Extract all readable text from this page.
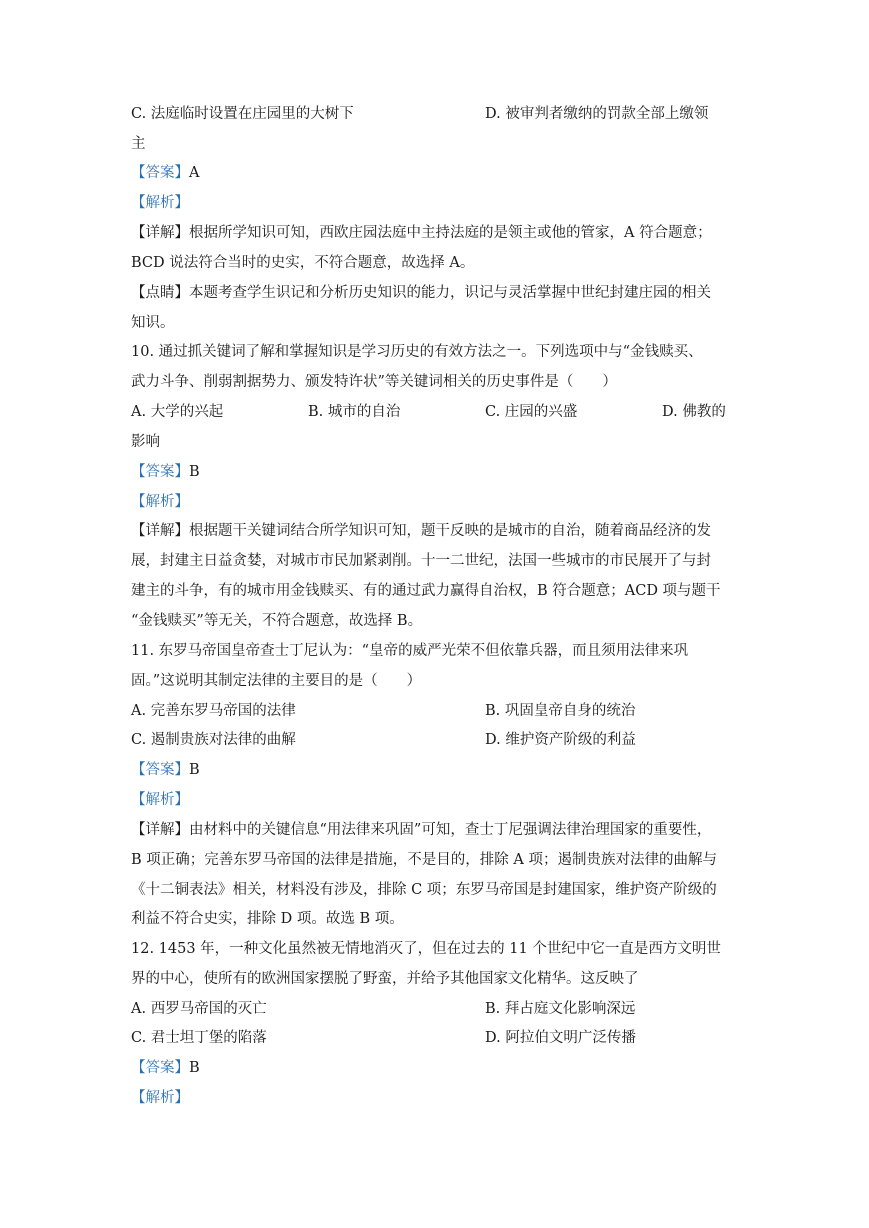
C. 法庭临时设置在庄园里的大树下	D. 被审判者缴纳的罚款全部上缴领
主
【答案】A
【解析】
【详解】根据所学知识可知，西欧庄园法庭中主持法庭的是领主或他的管家，A 符合题意；
BCD 说法符合当时的史实，不符合题意，故选择 A。
【点睛】本题考查学生识记和分析历史知识的能力，识记与灵活掌握中世纪封建庄园的相关
知识。
10. 通过抓关键词了解和掌握知识是学习历史的有效方法之一。下列选项中与“金钱赎买、
武力斗争、削弱割据势力、颁发特许状”等关键词相关的历史事件是（　　）
A. 大学的兴起	B. 城市的自治	C. 庄园的兴盛	D. 佛教的
影响
【答案】B
【解析】
【详解】根据题干关键词结合所学知识可知，题干反映的是城市的自治，随着商品经济的发
展，封建主日益贪婪，对城市市民加紧剥削。十一二世纪，法国一些城市的市民展开了与封
建主的斗争，有的城市用金钱赎买、有的通过武力赢得自治权，B 符合题意；ACD 项与题干
“金钱赎买”等无关，不符合题意，故选择 B。
11. 东罗马帝国皇帝查士丁尼认为：“皇帝的威严光荣不但依靠兵器，而且须用法律来巩
固。”这说明其制定法律的主要目的是（　　）
A. 完善东罗马帝国的法律	B. 巩固皇帝自身的统治
C. 遏制贵族对法律的曲解	D. 维护资产阶级的利益
【答案】B
【解析】
【详解】由材料中的关键信息“用法律来巩固”可知，查士丁尼强调法律治理国家的重要性，
B 项正确；完善东罗马帝国的法律是措施，不是目的，排除 A 项；遏制贵族对法律的曲解与
《十二铜表法》相关，材料没有涉及，排除 C 项；东罗马帝国是封建国家，维护资产阶级的
利益不符合史实，排除 D 项。故选 B 项。
12. 1453 年，一种文化虽然被无情地消灭了，但在过去的 11 个世纪中它一直是西方文明世
界的中心，使所有的欧洲国家摆脱了野蛮，并给予其他国家文化精华。这反映了
A. 西罗马帝国的灭亡	B. 拜占庭文化影响深远
C. 君士坦丁堡的陷落	D. 阿拉伯文明广泛传播
【答案】B
【解析】
